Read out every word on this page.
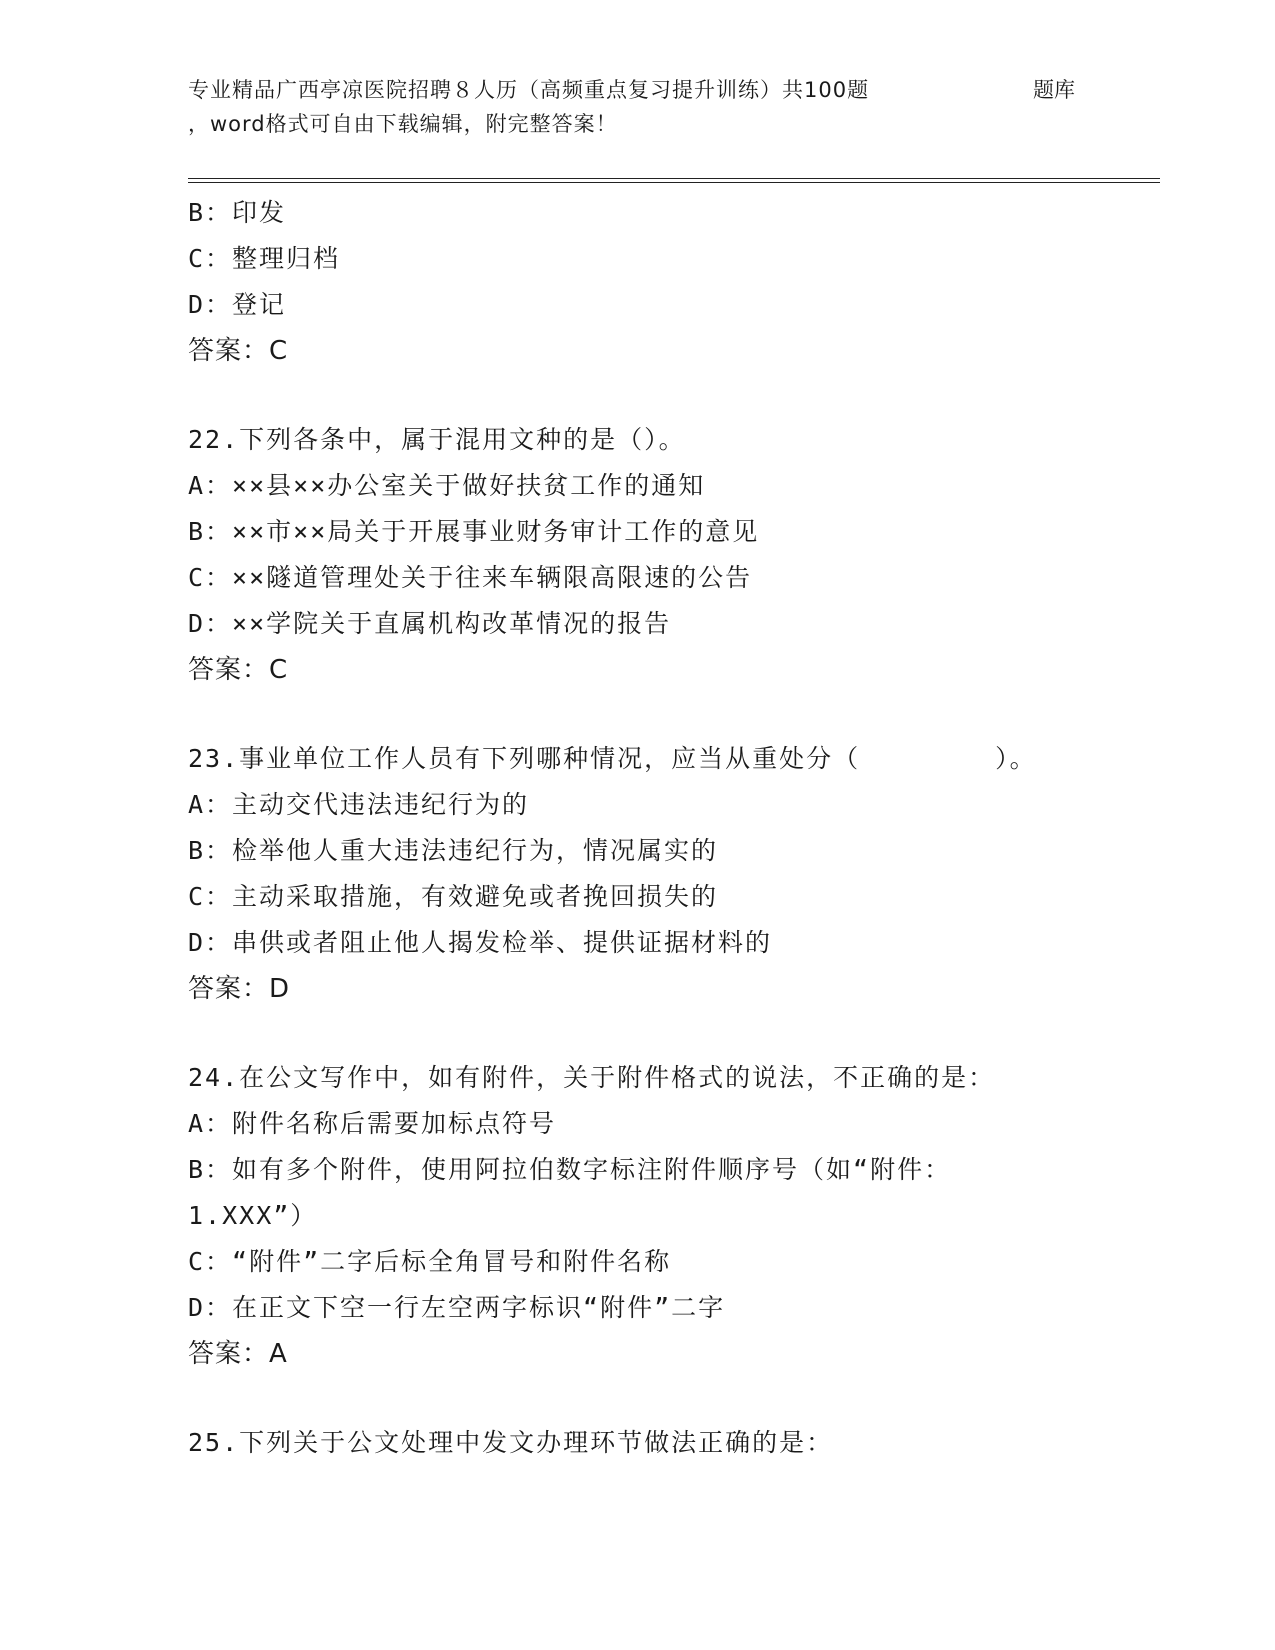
专业精品广西亭凉医院招聘８人历（高频重点复习提升训练）共100题	题库
，word格式可自由下载编辑，附完整答案！
B：印发
C：整理归档
D：登记
答案：C
22.下列各条中，属于混用文种的是（）。
A：××县××办公室关于做好扶贫工作的通知
B：××市××局关于开展事业财务审计工作的意见
C：××隧道管理处关于往来车辆限高限速的公告
D：××学院关于直属机构改革情况的报告
答案：C
23.事业单位工作人员有下列哪种情况，应当从重处分（　　　　　）。
A：主动交代违法违纪行为的
B：检举他人重大违法违纪行为，情况属实的
C：主动采取措施，有效避免或者挽回损失的
D：串供或者阻止他人揭发检举、提供证据材料的
答案：D
24.在公文写作中，如有附件，关于附件格式的说法，不正确的是：
A：附件名称后需要加标点符号
B：如有多个附件，使用阿拉伯数字标注附件顺序号（如“附件：
1.XXX”）
C：“附件”二字后标全角冒号和附件名称
D：在正文下空一行左空两字标识“附件”二字
答案：A
25.下列关于公文处理中发文办理环节做法正确的是：
